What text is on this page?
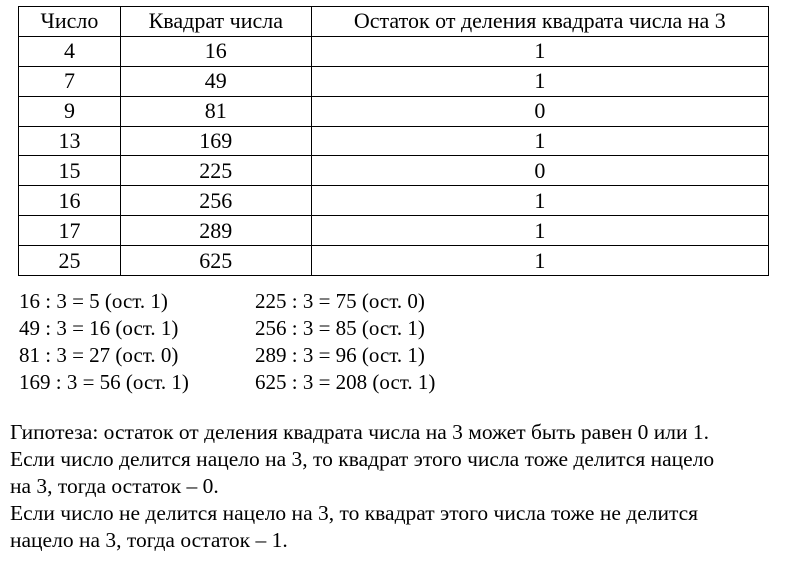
Число	Квадрат числа	Остаток от деления квадрата числа на 3
4	16	1
7	49	1
9	81	0
13	169	1
15	225	0
16	256	1
17	289	1
25	625	1
16 : 3 = 5 (ост. 1)
49 : 3 = 16 (ост. 1)
81 : 3 = 27 (ост. 0)
169 : 3 = 56 (ост. 1)
225 : 3 = 75 (ост. 0)
256 : 3 = 85 (ост. 1)
289 : 3 = 96 (ост. 1)
625 : 3 = 208 (ост. 1)
Гипотеза: остаток от деления квадрата числа на 3 может быть равен 0 или 1.
Если число делится нацело на 3, то квадрат этого числа тоже делится нацело
на 3, тогда остаток – 0.
Если число не делится нацело на 3, то квадрат этого числа тоже не делится
нацело на 3, тогда остаток – 1.
